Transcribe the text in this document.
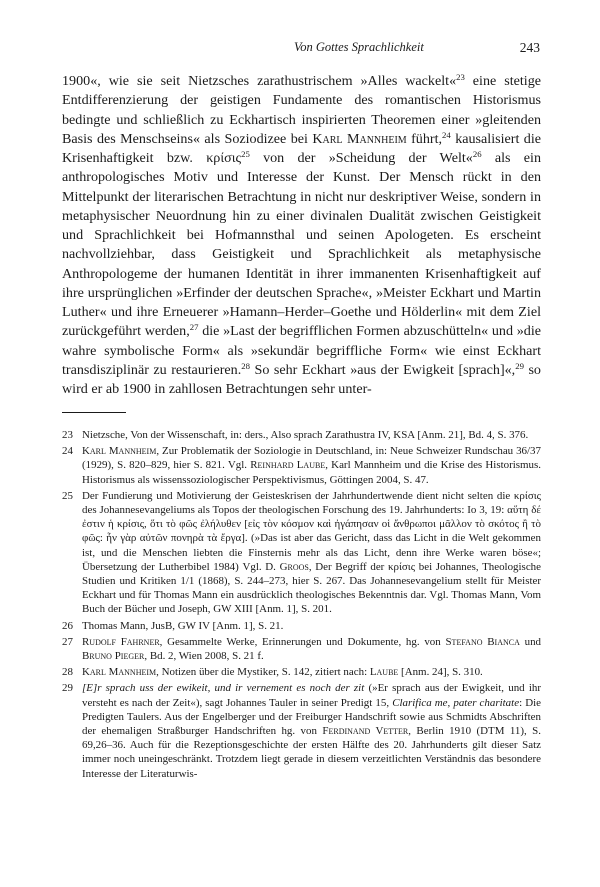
Von Gottes Sprachlichkeit	243
1900«, wie sie seit Nietzsches zarathustrischem »Alles wackelt«$^{23}$ eine stetige Entdifferenzierung der geistigen Fundamente des romantischen Historismus bedingte und schließlich zu Eckhartisch inspirierten Theoremen einer »gleitenden Basis des Menschseins« als Soziodizee bei Karl Mannheim führt,$^{24}$ kausalisiert die Krisenhaftigkeit bzw. κρίσις$^{25}$ von der »Scheidung der Welt«$^{26}$ als ein anthropologisches Motiv und Interesse der Kunst. Der Mensch rückt in den Mittelpunkt der literarischen Betrachtung in nicht nur deskriptiver Weise, sondern in metaphysischer Neuordnung hin zu einer divinalen Dualität zwischen Geistigkeit und Sprachlichkeit bei Hofmannsthal und seinen Apologeten. Es erscheint nachvollziehbar, dass Geistigkeit und Sprachlichkeit als metaphysische Anthropologeme der humanen Identität in ihrer immanenten Krisenhaftigkeit auf ihre ursprünglichen »Erfinder der deutschen Sprache«, »Meister Eckhart und Martin Luther« und ihre Erneuerer »Hamann–Herder–Goethe und Hölderlin« mit dem Ziel zurückgeführt werden,$^{27}$ die »Last der begrifflichen Formen abzuschütteln« und »die wahre symbolische Form« als »sekundär begriffliche Form« wie einst Eckhart transdisziplinär zu restaurieren.$^{28}$ So sehr Eckhart »aus der Ewigkeit [sprach]«,$^{29}$ so wird er ab 1900 in zahllosen Betrachtungen sehr unter-
23 Nietzsche, Von der Wissenschaft, in: ders., Also sprach Zarathustra IV, KSA [Anm. 21], Bd. 4, S. 376.
24 Karl Mannheim, Zur Problematik der Soziologie in Deutschland, in: Neue Schweizer Rundschau 36/37 (1929), S. 820–829, hier S. 821. Vgl. Reinhard Laube, Karl Mannheim und die Krise des Historismus. Historismus als wissenssoziologischer Perspektivismus, Göttingen 2004, S. 47.
25 Der Fundierung und Motivierung der Geisteskrisen der Jahrhundertwende dient nicht selten die κρίσις des Johannesevangeliums als Topos der theologischen Forschung des 19. Jahrhunderts: Io 3, 19: αὕτη δέ ἐστιν ἡ κρίσις, ὅτι τὸ φῶς ἐλήλυθεν [εἰς τὸν κόσμον καὶ ἠγάπησαν οἱ ἄνθρωποι μᾶλλον τὸ σκότος ἢ τὸ φῶς: ἦν γὰρ αὐτῶν πονηρὰ τὰ ἔργα]. (»Das ist aber das Gericht, dass das Licht in die Welt gekommen ist, und die Menschen liebten die Finsternis mehr als das Licht, denn ihre Werke waren böse«; Übersetzung der Lutherbibel 1984) Vgl. D. Groos, Der Begriff der κρίσις bei Johannes, Theologische Studien und Kritiken 1/1 (1868), S. 244–273, hier S. 267. Das Johannesevangelium stellt für Meister Eckhart und für Thomas Mann ein ausdrücklich theologisches Bekenntnis dar. Vgl. Thomas Mann, Vom Buch der Bücher und Joseph, GW XIII [Anm. 1], S. 201.
26 Thomas Mann, JusB, GW IV [Anm. 1], S. 21.
27 Rudolf Fahrner, Gesammelte Werke, Erinnerungen und Dokumente, hg. von Stefano Bianca und Bruno Pieger, Bd. 2, Wien 2008, S. 21 f.
28 Karl Mannheim, Notizen über die Mystiker, S. 142, zitiert nach: Laube [Anm. 24], S. 310.
29 [E]r sprach uss der ewikeit, und ir vernement es noch der zit (»Er sprach aus der Ewigkeit, und ihr versteht es nach der Zeit«), sagt Johannes Tauler in seiner Predigt 15, Clarifica me, pater charitate: Die Predigten Taulers. Aus der Engelberger und der Freiburger Handschrift sowie aus Schmidts Abschriften der ehemaligen Straßburger Handschriften hg. von Ferdinand Vetter, Berlin 1910 (DTM 11), S. 69,26–36. Auch für die Rezeptionsgeschichte der ersten Hälfte des 20. Jahrhunderts gilt dieser Satz immer noch uneingeschränkt. Trotzdem liegt gerade in diesem verzeitlichten Verständnis das besondere Interesse der Literaturwis-
